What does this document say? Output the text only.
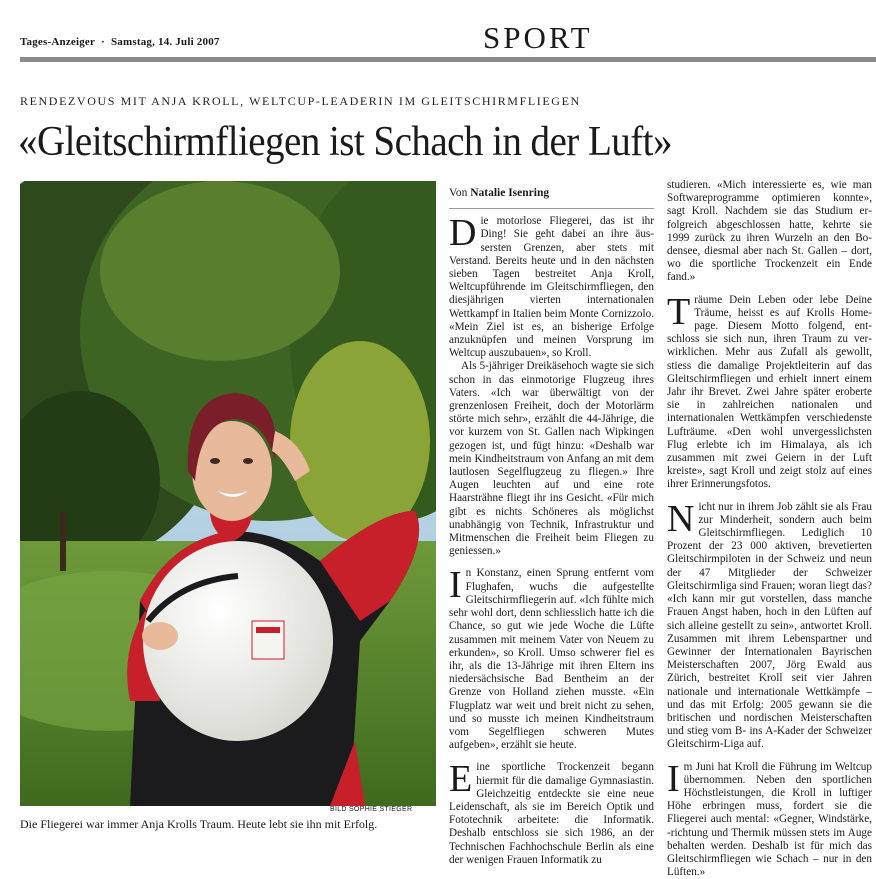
Tages-Anzeiger · Samstag, 14. Juli 2007	SPORT
RENDEZVOUS MIT ANJA KROLL, WELTCUP-LEADERIN IM GLEITSCHIRMFLIEGEN
«Gleitschirmfliegen ist Schach in der Luft»
BILD SOPHIE STIEGER
Die Fliegerei war immer Anja Krolls Traum. Heute lebt sie ihn mit Erfolg.

Von Natalie Isenring

Die motorlose Fliegerei, das ist ihr Ding! Sie geht dabei an ihre äussersten Grenzen, aber stets mit Verstand. Bereits heute und in den nächsten sieben Tagen bestreitet Anja Kroll, Weltcupführende im Gleitschirmfliegen, den diesjährigen vierten internationalen Wettkampf in Italien beim Monte Cornizzolo. «Mein Ziel ist es, an bisherige Erfolge anzuknüpfen und meinen Vorsprung im Weltcup auszubauen», so Kroll.

Als 5-jähriger Dreikäsehoch wagte sie sich schon in das einmotorige Flugzeug ihres Vaters. «Ich war überwältigt von der grenzenlosen Freiheit, doch der Motorlärm störte mich sehr», erzählt die 44-Jährige, die vor kurzem von St. Gallen nach Wipkingen gezogen ist, und fügt hinzu: «Deshalb war mein Kindheitstraum von Anfang an mit dem lautlosen Segelflugzeug zu fliegen.» Ihre Augen leuchten auf und eine rote Haarsträhne fliegt ihr ins Gesicht. «Für mich gibt es nichts Schöneres als möglichst unabhängig von Technik, Infrastruktur und Mitmenschen die Freiheit beim Fliegen zu geniessen.»

In Konstanz, einen Sprung entfernt vom Flughafen, wuchs die aufgestellte Gleitschirmfliegerin auf. «Ich fühlte mich sehr wohl dort, denn schliesslich hatte ich die Chance, so gut wie jede Woche die Lüfte zusammen mit meinem Vater von Neuem zu erkunden», so Kroll. Umso schwerer fiel es ihr, als die 13-Jährige mit ihren Eltern ins niedersächsische Bad Bentheim an der Grenze von Holland ziehen musste. «Ein Flugplatz war weit und breit nicht zu sehen, und so musste ich meinen Kindheitstraum vom Segelfliegen schweren Mutes aufgeben», erzählt sie heute.

Eine sportliche Trockenzeit begann hiermit für die damalige Gymnasiastin. Gleichzeitig entdeckte sie eine neue Leidenschaft, als sie im Bereich Optik und Fototechnik arbeitete: die Informatik. Deshalb entschloss sie sich 1986, an der Technischen Fachhochschule Berlin als eine der wenigen Frauen Informatik zu

studieren. «Mich interessierte es, wie man Softwareprogramme optimieren konnte», sagt Kroll. Nachdem sie das Studium erfolgreich abgeschlossen hatte, kehrte sie 1999 zurück zu ihren Wurzeln an den Bodensee, diesmal aber nach St. Gallen – dort, wo die sportliche Trockenzeit ein Ende fand.»

Träume Dein Leben oder lebe Deine Träume, heisst es auf Krolls Homepage. Diesem Motto folgend, entschloss sie sich nun, ihren Traum zu verwirklichen. Mehr aus Zufall als gewollt, stiess die damalige Projektleiterin auf das Gleitschirmfliegen und erhielt innert einem Jahr ihr Brevet. Zwei Jahre später eroberte sie in zahlreichen nationalen und internationalen Wettkämpfen verschiedenste Lufträume. «Den wohl unvergesslichsten Flug erlebte ich im Himalaya, als ich zusammen mit zwei Geiern in der Luft kreiste», sagt Kroll und zeigt stolz auf eines ihrer Erinnerungsfotos.

Nicht nur in ihrem Job zählt sie als Frau zur Minderheit, sondern auch beim Gleitschirmfliegen. Lediglich 10 Prozent der 23 000 aktiven, brevetierten Gleitschirmpiloten in der Schweiz und neun der 47 Mitglieder der Schweizer Gleitschirmliga sind Frauen; woran liegt das? «Ich kann mir gut vorstellen, dass manche Frauen Angst haben, hoch in den Lüften auf sich alleine gestellt zu sein», antwortet Kroll. Zusammen mit ihrem Lebenspartner und Gewinner der Internationalen Bayrischen Meisterschaften 2007, Jörg Ewald aus Zürich, bestreitet Kroll seit vier Jahren nationale und internationale Wettkämpfe – und das mit Erfolg: 2005 gewann sie die britischen und nordischen Meisterschaften und stieg vom B- ins A-Kader der Schweizer Gleitschirm-Liga auf.

Im Juni hat Kroll die Führung im Weltcup übernommen. Neben den sportlichen Höchstleistungen, die Kroll in luftiger Höhe erbringen muss, fordert sie die Fliegerei auch mental: «Gegner, Windstärke, -richtung und Thermik müssen stets im Auge behalten werden. Deshalb ist für mich das Gleitschirmfliegen wie Schach – nur in den Lüften.»
